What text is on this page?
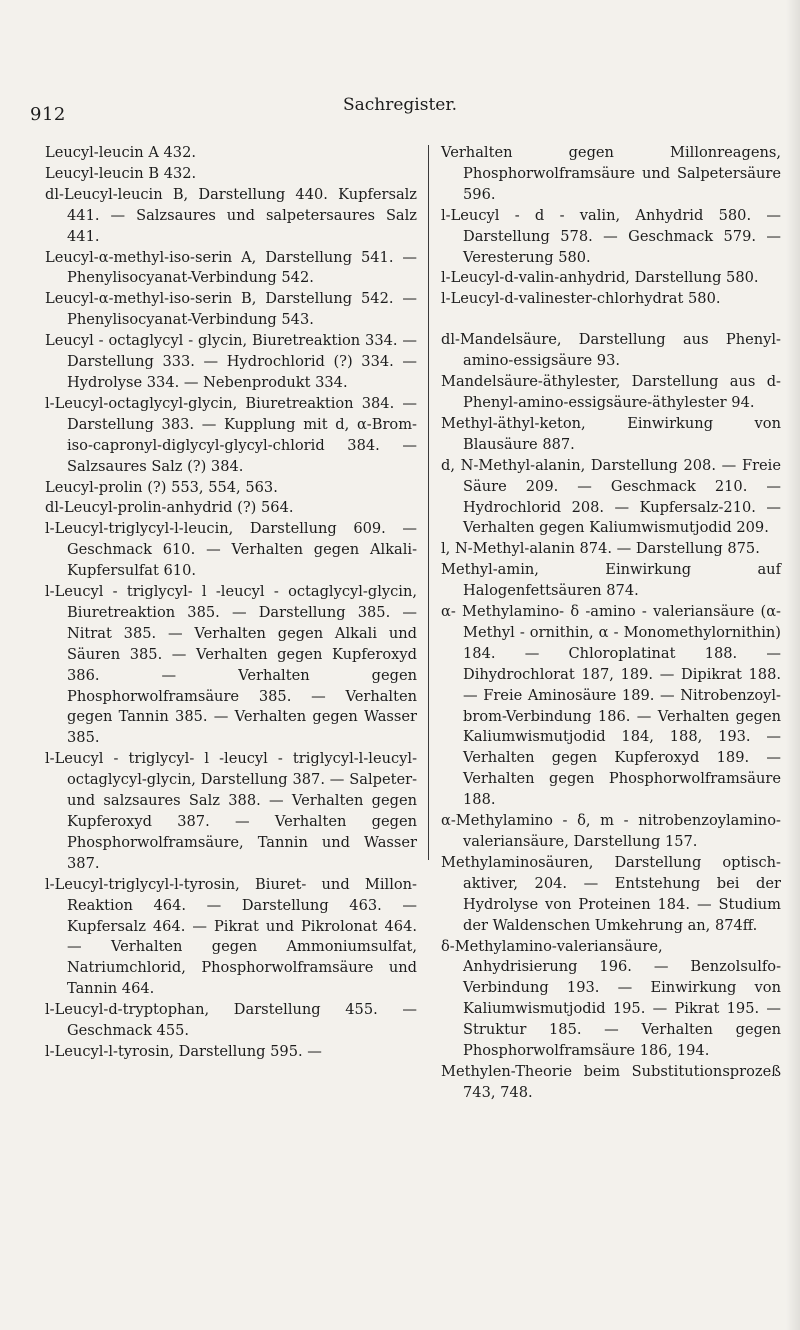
912	Sachregister.

Leucyl-leucin A 432.

Leucyl-leucin B 432.

dl-Leucyl-leucin B, Darstellung 440. Kupfersalz 441. — Salzsaures und salpetersaures Salz 441.

Leucyl-α-methyl-iso-serin A, Darstellung 541. — Phenylisocyanat-Verbindung 542.

Leucyl-α-methyl-iso-serin B, Darstellung 542. — Phenylisocyanat-Verbindung 543.

Leucyl - octaglycyl - glycin, Biuretreaktion 334. — Darstellung 333. — Hydrochlorid (?) 334. — Hydrolyse 334. — Nebenprodukt 334.

l-Leucyl-octaglycyl-glycin, Biuretreaktion 384. — Darstellung 383. — Kupplung mit d, α-Brom-iso-capronyl-diglycyl-glycyl-chlorid 384. — Salzsaures Salz (?) 384.

Leucyl-prolin (?) 553, 554, 563.

dl-Leucyl-prolin-anhydrid (?) 564.

l-Leucyl-triglycyl-l-leucin, Darstellung 609. — Geschmack 610. — Verhalten gegen Alkali-Kupfersulfat 610.

l-Leucyl - triglycyl- l -leucyl - octaglycyl-glycin, Biuretreaktion 385. — Darstellung 385. — Nitrat 385. — Verhalten gegen Alkali und Säuren 385. — Verhalten gegen Kupferoxyd 386. — Verhalten gegen Phosphorwolframsäure 385. — Verhalten gegen Tannin 385. — Verhalten gegen Wasser 385.

l-Leucyl - triglycyl- l -leucyl - triglycyl-l-leucyl-octaglycyl-glycin, Darstellung 387. — Salpeter- und salzsaures Salz 388. — Verhalten gegen Kupferoxyd 387. — Verhalten gegen Phosphorwolframsäure, Tannin und Wasser 387.

l-Leucyl-triglycyl-l-tyrosin, Biuret- und Millon-Reaktion 464. — Darstellung 463. — Kupfersalz 464. — Pikrat und Pikrolonat 464. — Verhalten gegen Ammoniumsulfat, Natriumchlorid, Phosphorwolframsäure und Tannin 464.

l-Leucyl-d-tryptophan, Darstellung 455. — Geschmack 455.

l-Leucyl-l-tyrosin, Darstellung 595. —

Verhalten gegen Millonreagens, Phosphorwolframsäure und Salpetersäure 596.

l-Leucyl - d - valin, Anhydrid 580. — Darstellung 578. — Geschmack 579. — Veresterung 580.

l-Leucyl-d-valin-anhydrid, Darstellung 580.

l-Leucyl-d-valinester-chlorhydrat 580.

dl-Mandelsäure, Darstellung aus Phenyl-amino-essigsäure 93.

Mandelsäure-äthylester, Darstellung aus d- Phenyl-amino-essigsäure-äthylester 94.

Methyl-äthyl-keton, Einwirkung von Blausäure 887.

d, N-Methyl-alanin, Darstellung 208. — Freie Säure 209. — Geschmack 210. — Hydrochlorid 208. — Kupfersalz-210. — Verhalten gegen Kaliumwismutjodid 209.

l, N-Methyl-alanin 874. — Darstellung 875.

Methyl-amin, Einwirkung auf Halogenfettsäuren 874.

α- Methylamino- δ -amino - valeriansäure (α-Methyl - ornithin, α - Monomethylornithin) 184. — Chloroplatinat 188. — Dihydrochlorat 187, 189. — Dipikrat 188. — Freie Aminosäure 189. — Nitrobenzoyl-brom-Verbindung 186. — Verhalten gegen Kaliumwismutjodid 184, 188, 193. — Verhalten gegen Kupferoxyd 189. — Verhalten gegen Phosphorwolframsäure 188.

α-Methylamino - δ, m - nitrobenzoylamino-valeriansäure, Darstellung 157.

Methylaminosäuren, Darstellung optisch-aktiver, 204. — Entstehung bei der Hydrolyse von Proteinen 184. — Studium der Waldenschen Umkehrung an, 874ff.

δ-Methylamino-valeriansäure, Anhydrisierung 196. — Benzolsulfo-Verbindung 193. — Einwirkung von Kaliumwismutjodid 195. — Pikrat 195. — Struktur 185. — Verhalten gegen Phosphorwolframsäure 186, 194.

Methylen-Theorie beim Substitutionsprozeß 743, 748.
